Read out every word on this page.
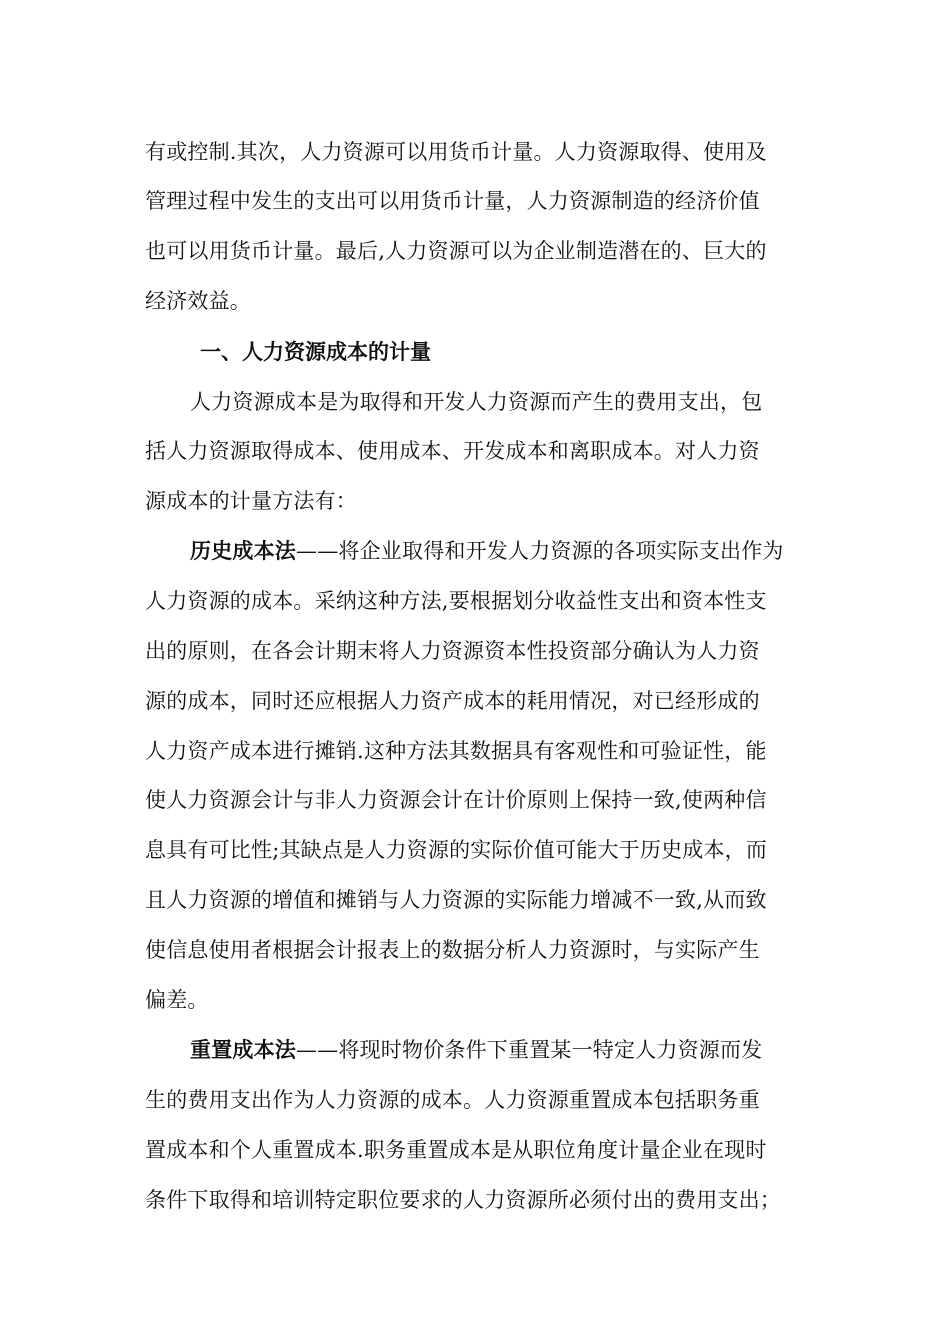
有或控制.其次，人力资源可以用货币计量。人力资源取得、使用及
管理过程中发生的支出可以用货币计量，人力资源制造的经济价值
也可以用货币计量。最后,人力资源可以为企业制造潜在的、巨大的
经济效益。
一、人力资源成本的计量
人力资源成本是为取得和开发人力资源而产生的费用支出，包
括人力资源取得成本、使用成本、开发成本和离职成本。对人力资
源成本的计量方法有：
历史成本法——将企业取得和开发人力资源的各项实际支出作为
人力资源的成本。采纳这种方法,要根据划分收益性支出和资本性支
出的原则，在各会计期末将人力资源资本性投资部分确认为人力资
源的成本，同时还应根据人力资产成本的耗用情况，对已经形成的
人力资产成本进行摊销.这种方法其数据具有客观性和可验证性，能
使人力资源会计与非人力资源会计在计价原则上保持一致,使两种信
息具有可比性;其缺点是人力资源的实际价值可能大于历史成本，而
且人力资源的增值和摊销与人力资源的实际能力增减不一致,从而致
使信息使用者根据会计报表上的数据分析人力资源时，与实际产生
偏差。
重置成本法——将现时物价条件下重置某一特定人力资源而发
生的费用支出作为人力资源的成本。人力资源重置成本包括职务重
置成本和个人重置成本.职务重置成本是从职位角度计量企业在现时
条件下取得和培训特定职位要求的人力资源所必须付出的费用支出；
